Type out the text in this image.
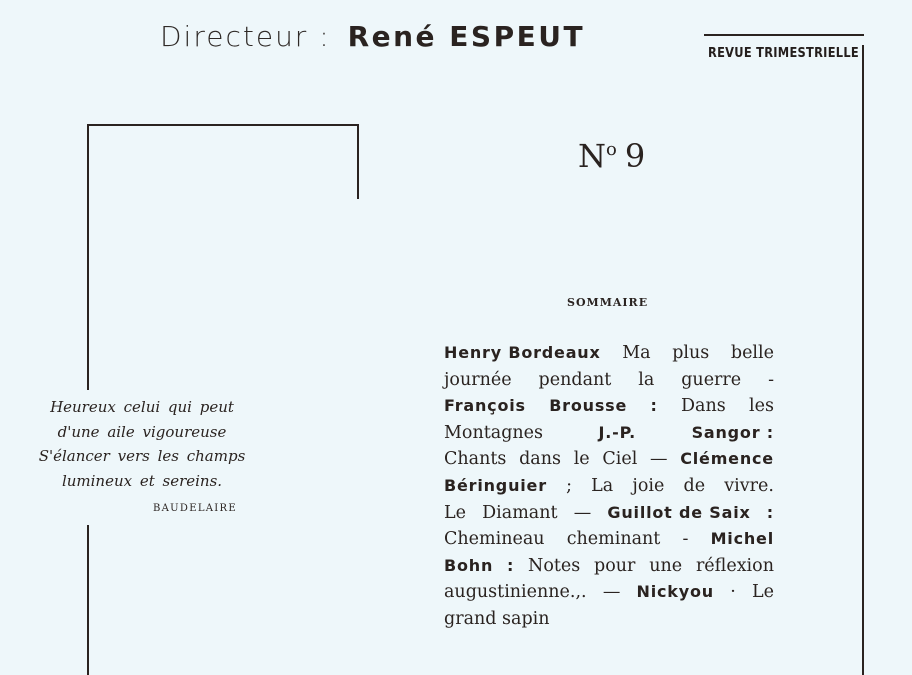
Directeur : René ESPEUT
REVUE TRIMESTRIELLE
$N^o$ 9
Heureux celui qui peut
d'une aile vigoureuse
S'élancer vers les champs
lumineux et sereins.
BAUDELAIRE
SOMMAIRE
Henry Bordeaux Ma plus belle
journée pendant la guerre -
François Brousse : Dans les
Montagnes	J.-P.	Sangor :
Chants dans le Ciel — Clémence
Béringuier ; La joie de vivre.
Le Diamant — Guillot de Saix :
Chemineau cheminant - Michel
Bohn : Notes pour une réflexion
augustinienne.,. — Nickyou · Le
grand sapin
